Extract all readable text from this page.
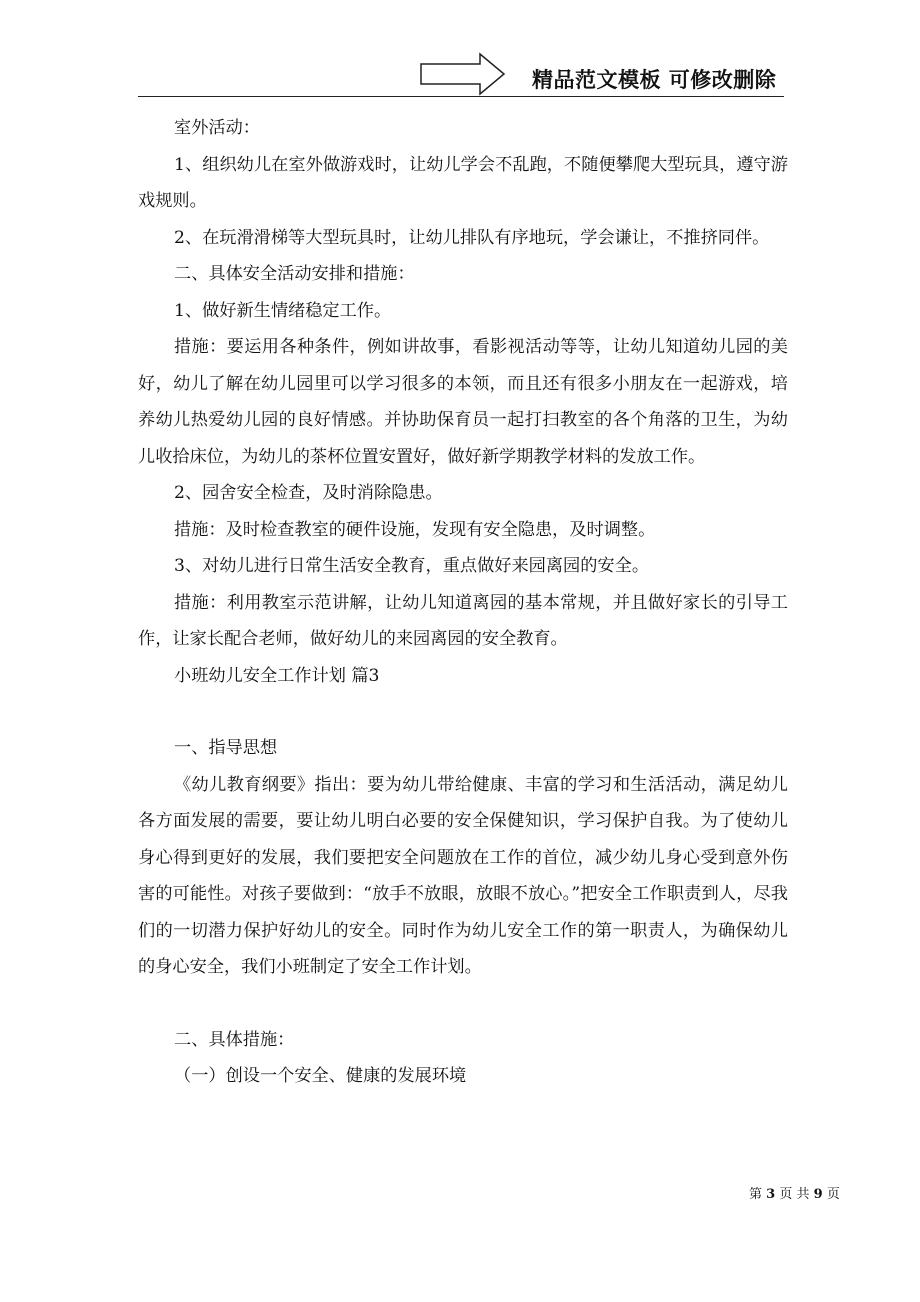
精品范文模板 可修改删除

室外活动：

1、组织幼儿在室外做游戏时，让幼儿学会不乱跑，不随便攀爬大型玩具，遵守游戏规则。

2、在玩滑滑梯等大型玩具时，让幼儿排队有序地玩，学会谦让，不推挤同伴。

二、具体安全活动安排和措施：

1、做好新生情绪稳定工作。

措施：要运用各种条件，例如讲故事，看影视活动等等，让幼儿知道幼儿园的美好，幼儿了解在幼儿园里可以学习很多的本领，而且还有很多小朋友在一起游戏，培养幼儿热爱幼儿园的良好情感。并协助保育员一起打扫教室的各个角落的卫生，为幼儿收拾床位，为幼儿的茶杯位置安置好，做好新学期教学材料的发放工作。

2、园舍安全检查，及时消除隐患。

措施：及时检查教室的硬件设施，发现有安全隐患，及时调整。

3、对幼儿进行日常生活安全教育，重点做好来园离园的安全。

措施：利用教室示范讲解，让幼儿知道离园的基本常规，并且做好家长的引导工作，让家长配合老师，做好幼儿的来园离园的安全教育。

小班幼儿安全工作计划 篇3

一、指导思想

《幼儿教育纲要》指出：要为幼儿带给健康、丰富的学习和生活活动，满足幼儿各方面发展的需要，要让幼儿明白必要的安全保健知识，学习保护自我。为了使幼儿身心得到更好的发展，我们要把安全问题放在工作的首位，减少幼儿身心受到意外伤害的可能性。对孩子要做到：“放手不放眼，放眼不放心。”把安全工作职责到人，尽我们的一切潜力保护好幼儿的安全。同时作为幼儿安全工作的第一职责人，为确保幼儿的身心安全，我们小班制定了安全工作计划。

二、具体措施：

（一）创设一个安全、健康的发展环境

第 3 页 共 9 页
